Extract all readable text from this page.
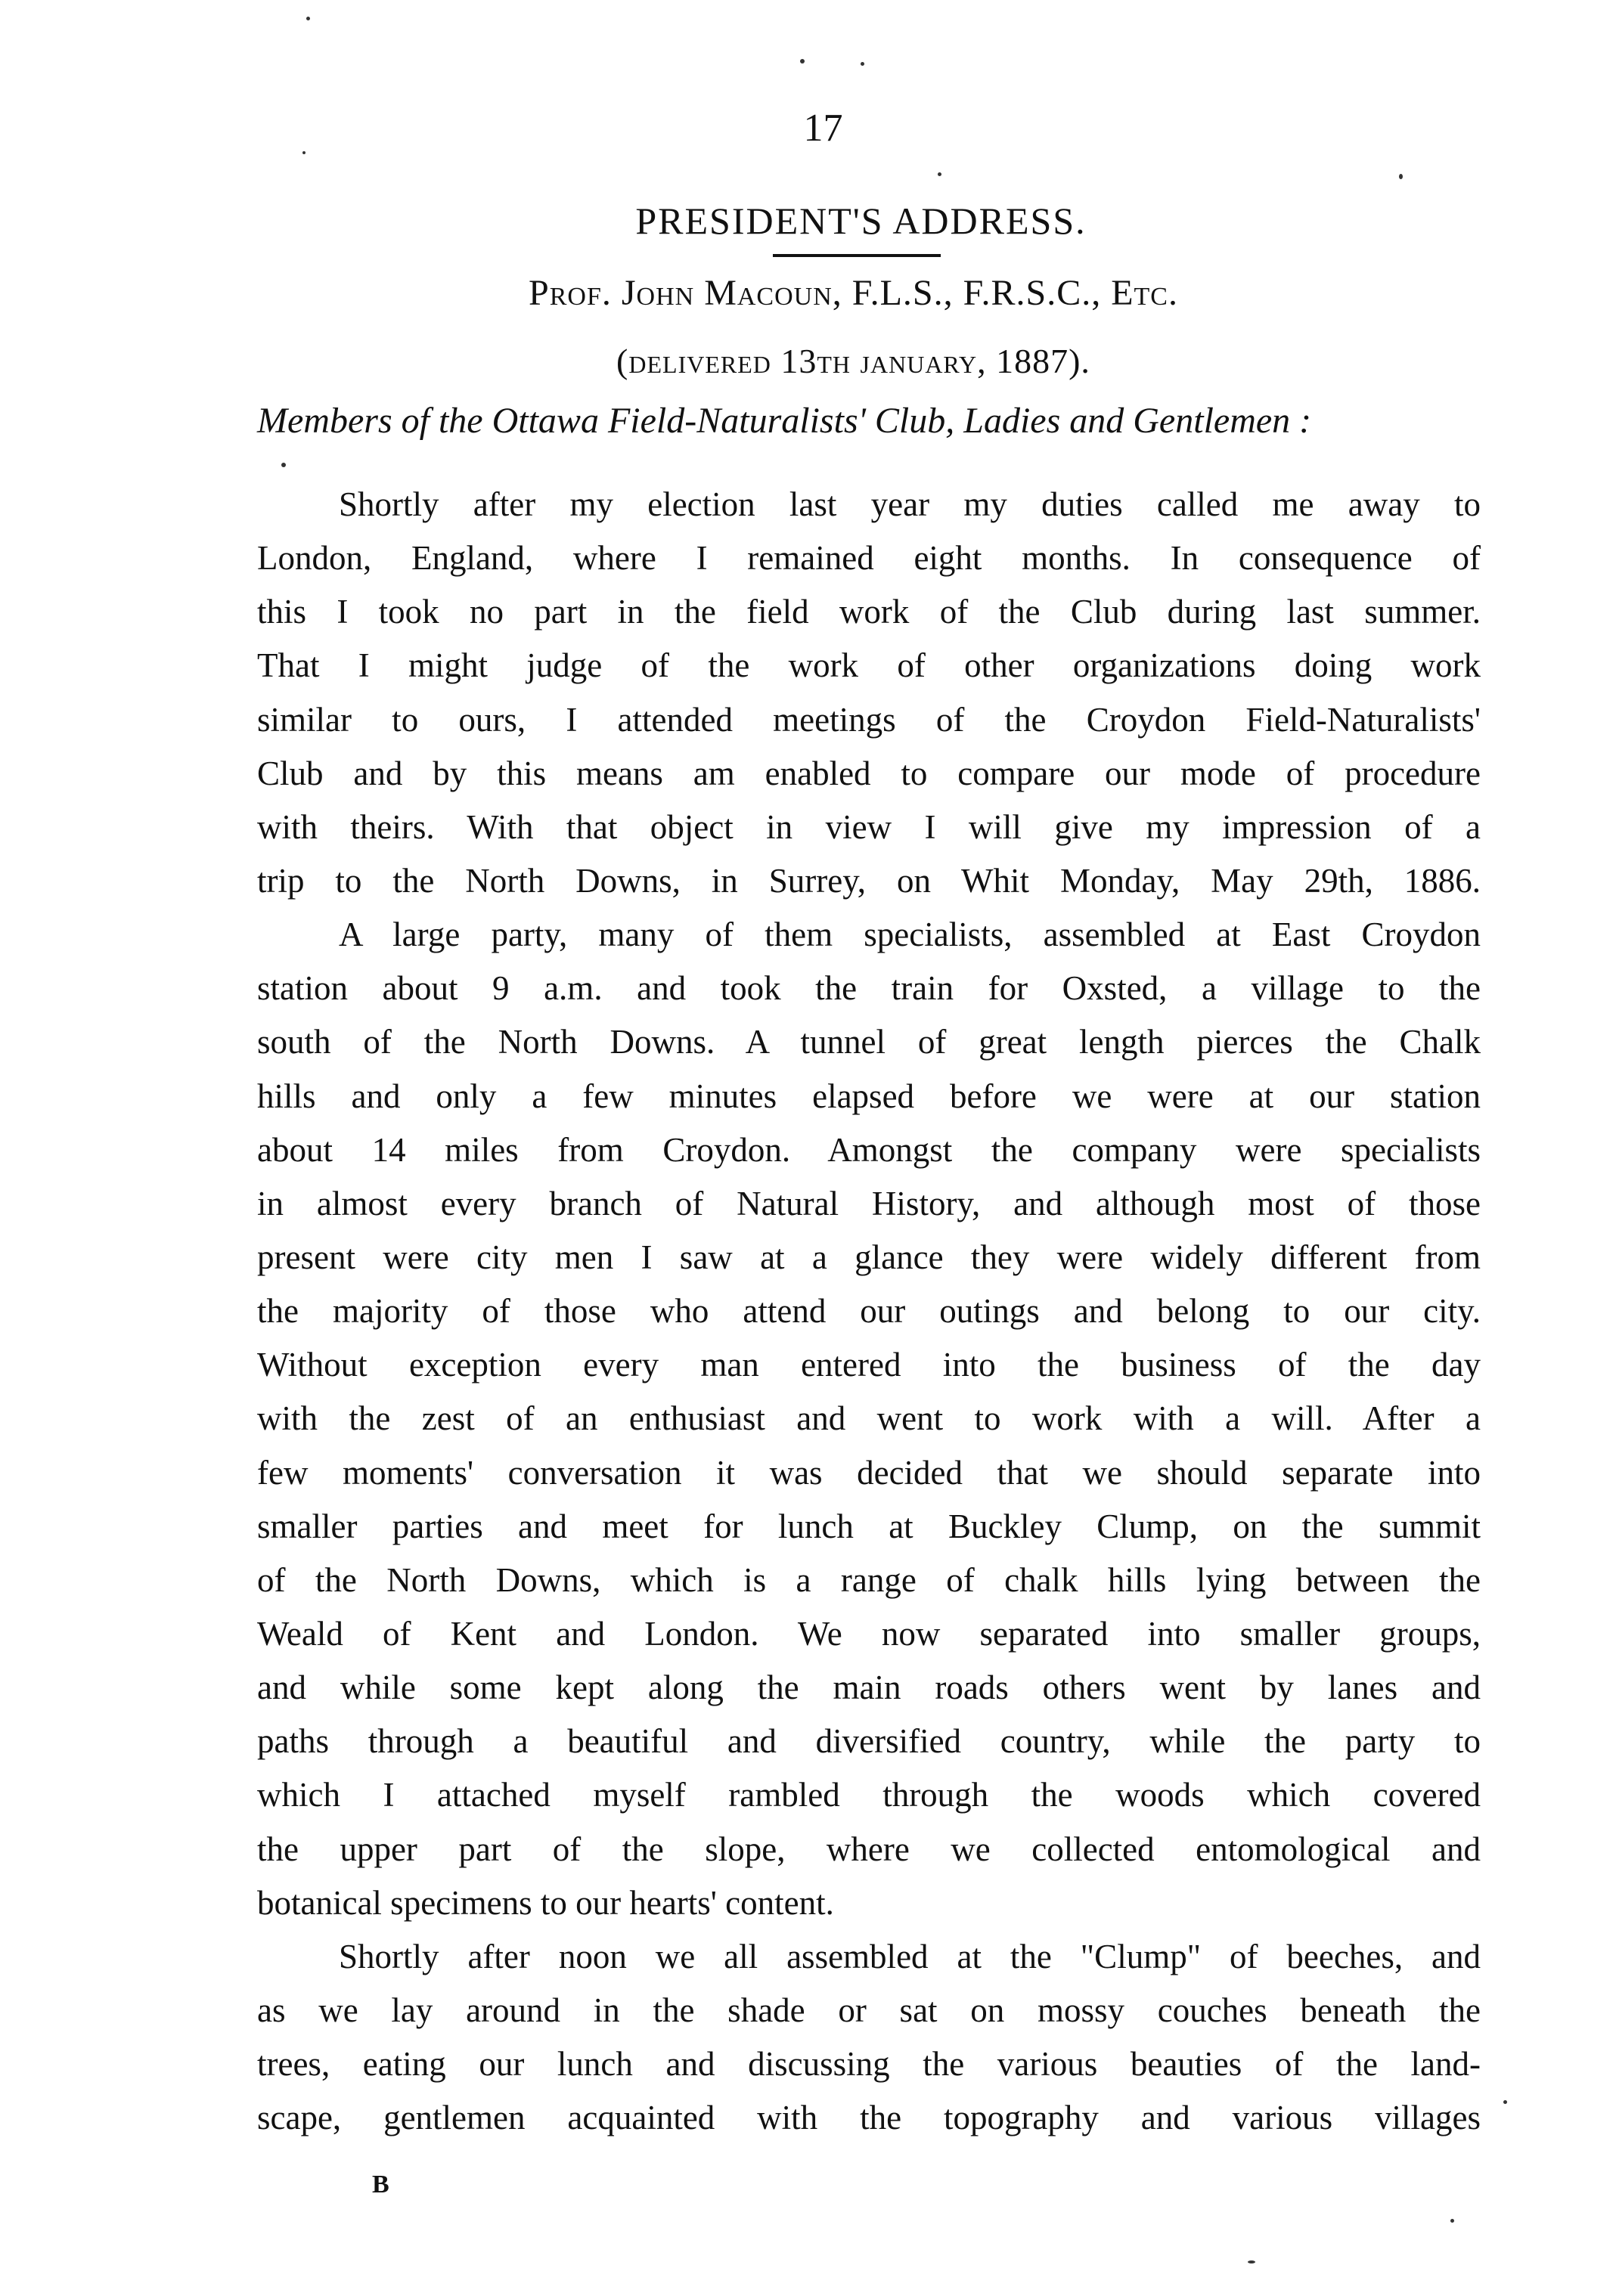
17
PRESIDENT'S ADDRESS.
Prof. John Macoun, F.L.S., F.R.S.C., Etc.
(delivered 13th january, 1887).
Members of the Ottawa Field-Naturalists' Club, Ladies and Gentlemen :
Shortly after my election last year my duties called me away to
London, England, where I remained eight months. In consequence of
this I took no part in the field work of the Club during last summer.
That I might judge of the work of other organizations doing work
similar to ours, I attended meetings of the Croydon Field-Naturalists'
Club and by this means am enabled to compare our mode of procedure
with theirs. With that object in view I will give my impression of a
trip to the North Downs, in Surrey, on Whit Monday, May 29th, 1886.
A large party, many of them specialists, assembled at East Croydon
station about 9 a.m. and took the train for Oxsted, a village to the
south of the North Downs. A tunnel of great length pierces the Chalk
hills and only a few minutes elapsed before we were at our station
about 14 miles from Croydon. Amongst the company were specialists
in almost every branch of Natural History, and although most of those
present were city men I saw at a glance they were widely different from
the majority of those who attend our outings and belong to our city.
Without exception every man entered into the business of the day
with the zest of an enthusiast and went to work with a will. After a
few moments' conversation it was decided that we should separate into
smaller parties and meet for lunch at Buckley Clump, on the summit
of the North Downs, which is a range of chalk hills lying between the
Weald of Kent and London. We now separated into smaller groups,
and while some kept along the main roads others went by lanes and
paths through a beautiful and diversified country, while the party to
which I attached myself rambled through the woods which covered
the upper part of the slope, where we collected entomological and
botanical specimens to our hearts' content.
Shortly after noon we all assembled at the "Clump" of beeches, and
as we lay around in the shade or sat on mossy couches beneath the
trees, eating our lunch and discussing the various beauties of the land-
scape, gentlemen acquainted with the topography and various villages
B
